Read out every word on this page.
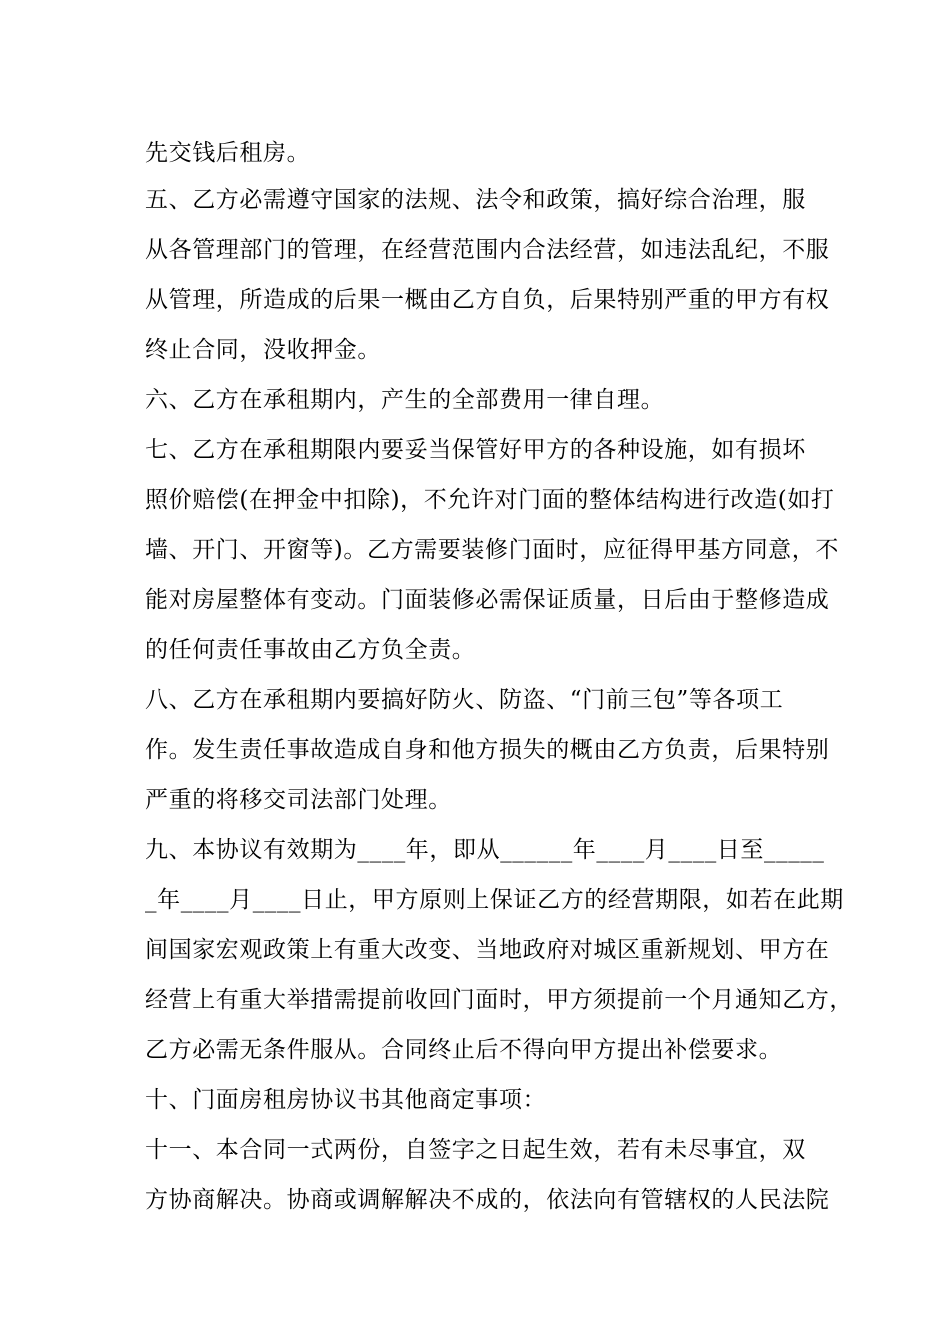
先交钱后租房。
五、乙方必需遵守国家的法规、法令和政策，搞好综合治理，服
从各管理部门的管理，在经营范围内合法经营，如违法乱纪，不服
从管理，所造成的后果一概由乙方自负，后果特别严重的甲方有权
终止合同，没收押金。
六、乙方在承租期内，产生的全部费用一律自理。
七、乙方在承租期限内要妥当保管好甲方的各种设施，如有损坏
照价赔偿(在押金中扣除)，不允许对门面的整体结构进行改造(如打
墙、开门、开窗等)。乙方需要装修门面时，应征得甲基方同意，不
能对房屋整体有变动。门面装修必需保证质量，日后由于整修造成
的任何责任事故由乙方负全责。
八、乙方在承租期内要搞好防火、防盗、“门前三包”等各项工
作。发生责任事故造成自身和他方损失的概由乙方负责，后果特别
严重的将移交司法部门处理。
九、本协议有效期为____年，即从______年____月____日至_____
_年____月____日止，甲方原则上保证乙方的经营期限，如若在此期
间国家宏观政策上有重大改变、当地政府对城区重新规划、甲方在
经营上有重大举措需提前收回门面时，甲方须提前一个月通知乙方，
乙方必需无条件服从。合同终止后不得向甲方提出补偿要求。
十、门面房租房协议书其他商定事项：
十一、本合同一式两份，自签字之日起生效，若有未尽事宜，双
方协商解决。协商或调解解决不成的，依法向有管辖权的人民法院
